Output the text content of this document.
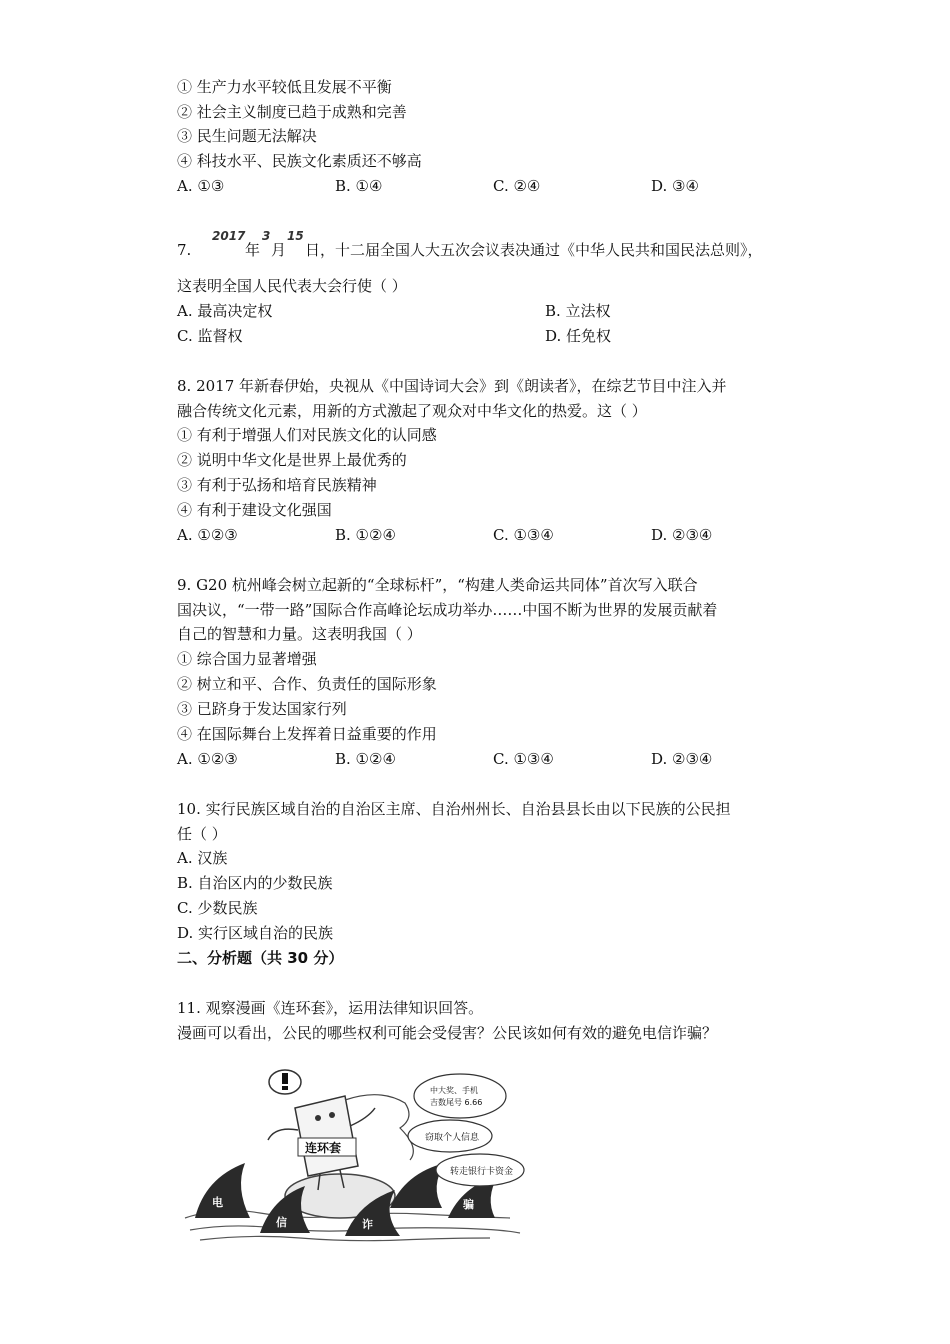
① 生产力水平较低且发展不平衡
② 社会主义制度已趋于成熟和完善
③ 民生问题无法解决
④ 科技水平、民族文化素质还不够高
A. ①③	B. ①④	C. ②④	D. ③④
7.
2017
年
3
月
15
日，十二届全国人大五次会议表决通过《中华人民共和国民法总则》，
这表明全国人民代表大会行使（ ）
A. 最高决定权	B. 立法权
C. 监督权	D. 任免权
8. 2017 年新春伊始，央视从《中国诗词大会》到《朗读者》，在综艺节目中注入并
融合传统文化元素，用新的方式激起了观众对中华文化的热爱。这（ ）
① 有利于增强人们对民族文化的认同感
② 说明中华文化是世界上最优秀的
③ 有利于弘扬和培育民族精神
④ 有利于建设文化强国
A. ①②③	B. ①②④	C. ①③④	D. ②③④
9. G20 杭州峰会树立起新的“全球标杆”，“构建人类命运共同体”首次写入联合
国决议，“一带一路”国际合作高峰论坛成功举办……中国不断为世界的发展贡献着
自己的智慧和力量。这表明我国（ ）
① 综合国力显著增强
② 树立和平、合作、负责任的国际形象
③ 已跻身于发达国家行列
④ 在国际舞台上发挥着日益重要的作用
A. ①②③	B. ①②④	C. ①③④	D. ②③④
10. 实行民族区域自治的自治区主席、自治州州长、自治县县长由以下民族的公民担
任（ ）
A. 汉族
B. 自治区内的少数民族
C. 少数民族
D. 实行区域自治的民族
二、分析题（共 30 分）
11. 观察漫画《连环套》，运用法律知识回答。
漫画可以看出，公民的哪些权利可能会受侵害？公民该如何有效的避免电信诈骗？
电
信	诈
骗
连环套
中大奖、手机
吉数尾号 6.66
窃取个人信息
转走银行卡资金
